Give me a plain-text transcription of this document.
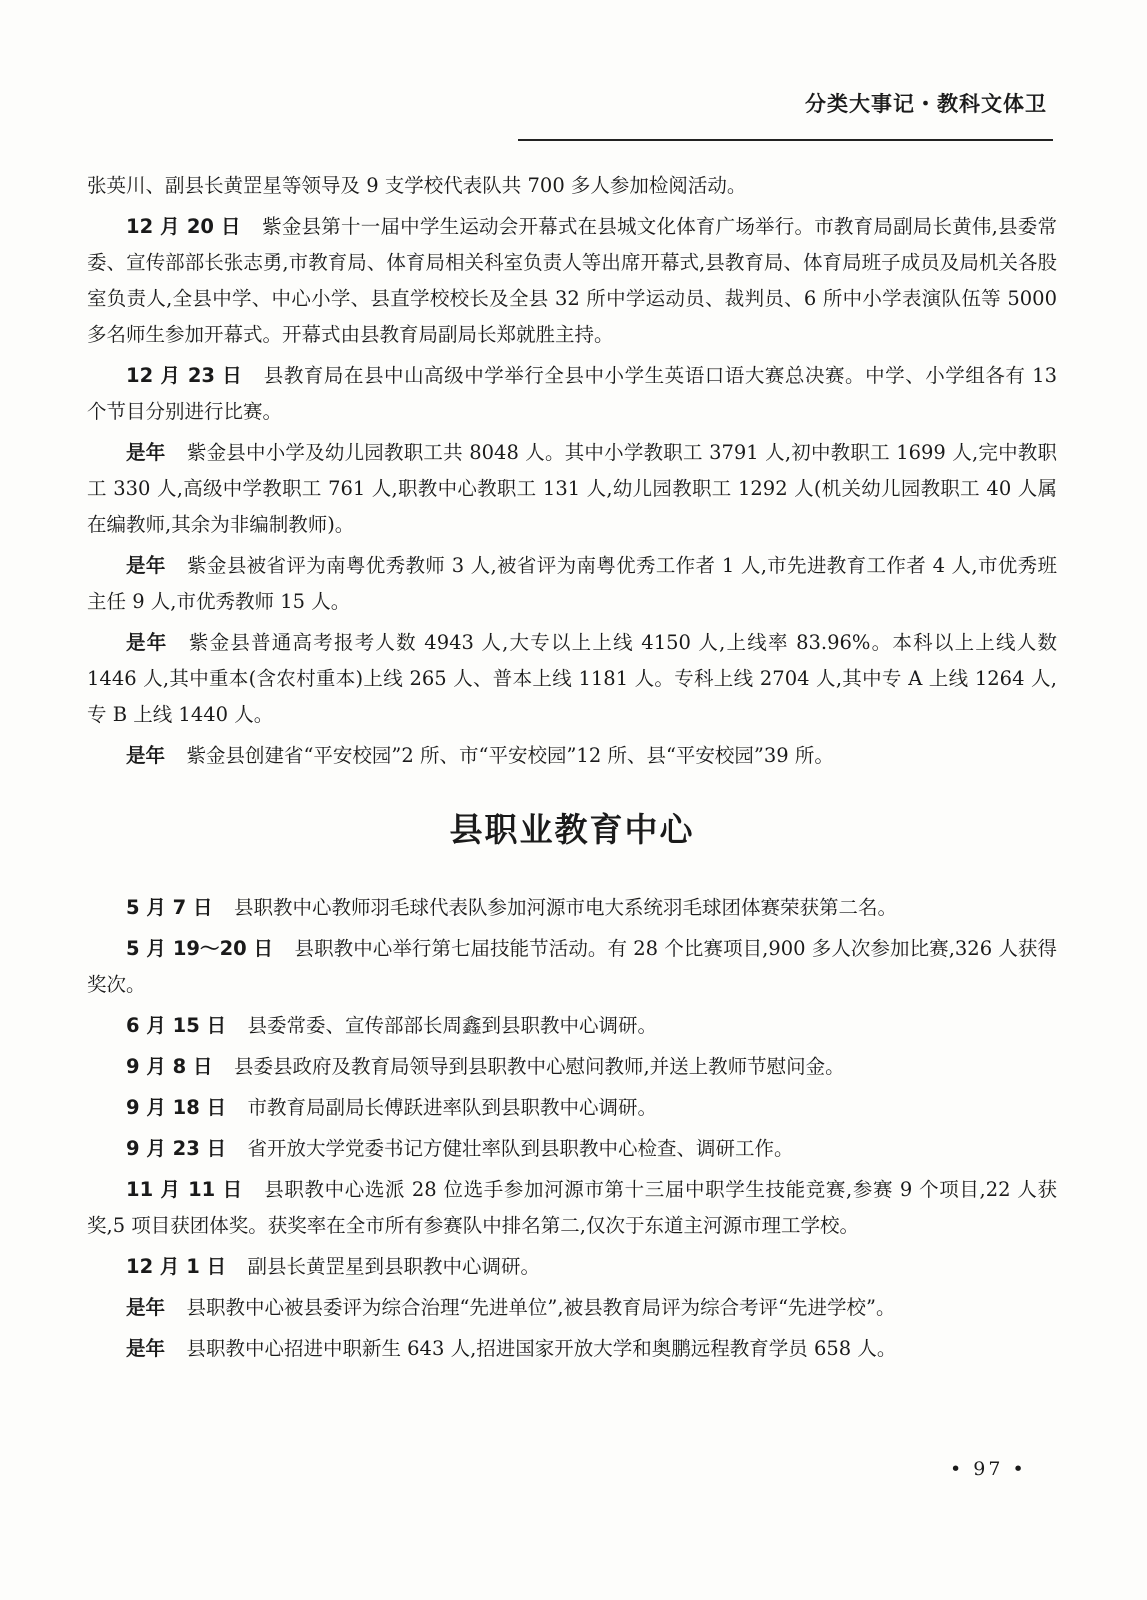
分类大事记・教科文体卫

张英川、副县长黄罡星等领导及 9 支学校代表队共 700 多人参加检阅活动。

12 月 20 日 紫金县第十一届中学生运动会开幕式在县城文化体育广场举行。市教育局副局长黄伟,县委常委、宣传部部长张志勇,市教育局、体育局相关科室负责人等出席开幕式,县教育局、体育局班子成员及局机关各股室负责人,全县中学、中心小学、县直学校校长及全县 32 所中学运动员、裁判员、6 所中小学表演队伍等 5000 多名师生参加开幕式。开幕式由县教育局副局长郑就胜主持。

12 月 23 日 县教育局在县中山高级中学举行全县中小学生英语口语大赛总决赛。中学、小学组各有 13 个节目分别进行比赛。

是年 紫金县中小学及幼儿园教职工共 8048 人。其中小学教职工 3791 人,初中教职工 1699 人,完中教职工 330 人,高级中学教职工 761 人,职教中心教职工 131 人,幼儿园教职工 1292 人(机关幼儿园教职工 40 人属在编教师,其余为非编制教师)。

是年 紫金县被省评为南粤优秀教师 3 人,被省评为南粤优秀工作者 1 人,市先进教育工作者 4 人,市优秀班主任 9 人,市优秀教师 15 人。

是年 紫金县普通高考报考人数 4943 人,大专以上上线 4150 人,上线率 83.96%。本科以上上线人数 1446 人,其中重本(含农村重本)上线 265 人、普本上线 1181 人。专科上线 2704 人,其中专 A 上线 1264 人,专 B 上线 1440 人。

是年 紫金县创建省“平安校园”2 所、市“平安校园”12 所、县“平安校园”39 所。

县职业教育中心

5 月 7 日 县职教中心教师羽毛球代表队参加河源市电大系统羽毛球团体赛荣获第二名。

5 月 19～20 日 县职教中心举行第七届技能节活动。有 28 个比赛项目,900 多人次参加比赛,326 人获得奖次。

6 月 15 日 县委常委、宣传部部长周鑫到县职教中心调研。

9 月 8 日 县委县政府及教育局领导到县职教中心慰问教师,并送上教师节慰问金。

9 月 18 日 市教育局副局长傅跃进率队到县职教中心调研。

9 月 23 日 省开放大学党委书记方健壮率队到县职教中心检查、调研工作。

11 月 11 日 县职教中心选派 28 位选手参加河源市第十三届中职学生技能竞赛,参赛 9 个项目,22 人获奖,5 项目获团体奖。获奖率在全市所有参赛队中排名第二,仅次于东道主河源市理工学校。

12 月 1 日 副县长黄罡星到县职教中心调研。

是年 县职教中心被县委评为综合治理“先进单位”,被县教育局评为综合考评“先进学校”。

是年 县职教中心招进中职新生 643 人,招进国家开放大学和奥鹏远程教育学员 658 人。

• 97 •
